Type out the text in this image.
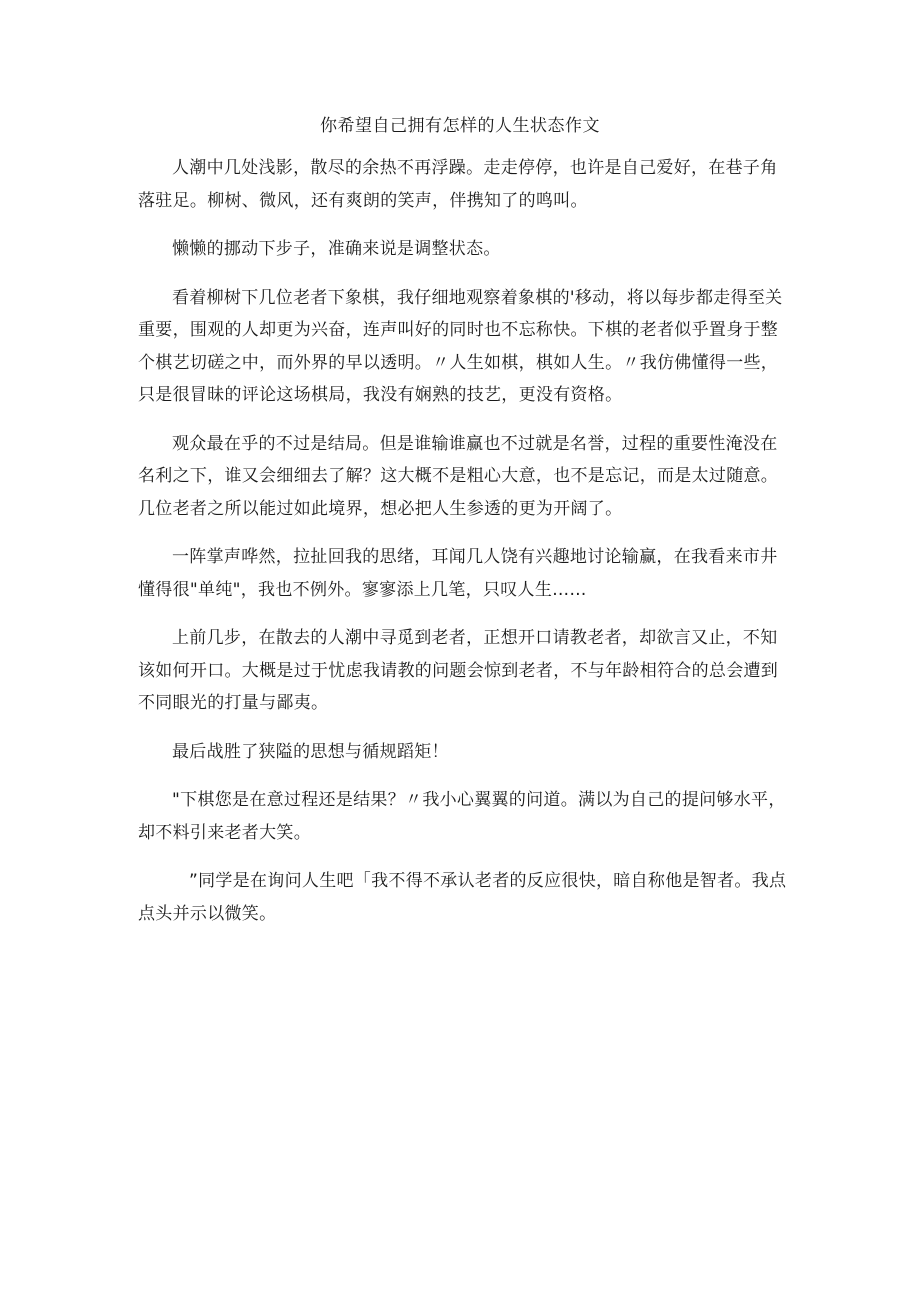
你希望自己拥有怎样的人生状态作文

人潮中几处浅影，散尽的余热不再浮躁。走走停停，也许是自己爱好，在巷子角落驻足。柳树、微风，还有爽朗的笑声，伴携知了的鸣叫。

懒懒的挪动下步子，准确来说是调整状态。

看着柳树下几位老者下象棋，我仔细地观察着象棋的'移动，将以每步都走得至关重要，围观的人却更为兴奋，连声叫好的同时也不忘称快。下棋的老者似乎置身于整个棋艺切磋之中，而外界的早以透明。〃人生如棋，棋如人生。〃我仿佛懂得一些，只是很冒昧的评论这场棋局，我没有娴熟的技艺，更没有资格。

观众最在乎的不过是结局。但是谁输谁赢也不过就是名誉，过程的重要性淹没在名利之下，谁又会细细去了解？这大概不是粗心大意，也不是忘记，而是太过随意。几位老者之所以能过如此境界，想必把人生参透的更为开阔了。

一阵掌声哗然，拉扯回我的思绪，耳闻几人饶有兴趣地讨论输赢，在我看来市井懂得很"单纯"，我也不例外。寥寥添上几笔，只叹人生……

上前几步，在散去的人潮中寻觅到老者，正想开口请教老者，却欲言又止，不知该如何开口。大概是过于忧虑我请教的问题会惊到老者，不与年龄相符合的总会遭到不同眼光的打量与鄙夷。

最后战胜了狭隘的思想与循规蹈矩！

"下棋您是在意过程还是结果？〃我小心翼翼的问道。满以为自己的提问够水平，却不料引来老者大笑。

”同学是在询问人生吧「我不得不承认老者的反应很快，暗自称他是智者。我点点头并示以微笑。
